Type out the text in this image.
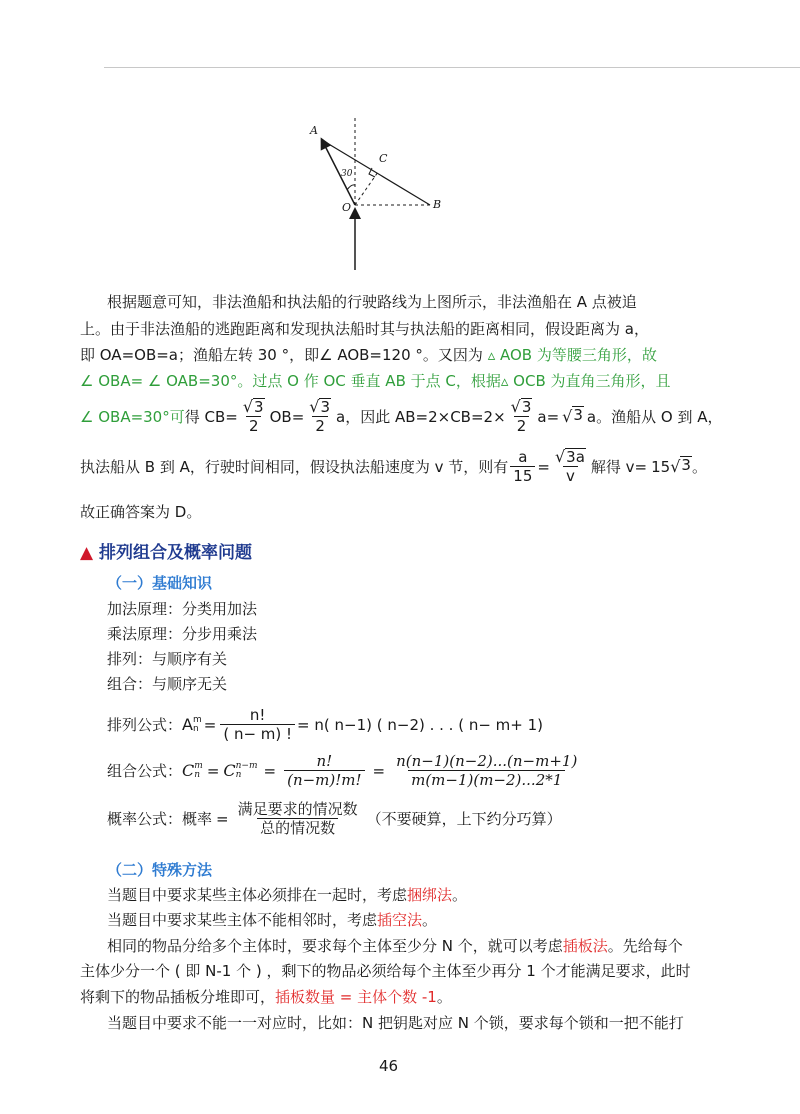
A
C
O	B
30
根据题意可知，非法渔船和执法船的行驶路线为上图所示，非法渔船在 A 点被追
上。由于非法渔船的逃跑距离和发现执法船时其与执法船的距离相同，假设距离为 a，
即 OA=OB=a；渔船左转 30 °，即∠ AOB=120 °。又因为 ▵ AOB 为等腰三角形，故
∠ OBA= ∠ OAB=30°。过点 O 作 OC 垂直 AB 于点 C，根据▵ OCB 为直角三角形，且
∠ OBA=30°可 得 $CB= \frac{√ 3}{2} OB= \frac{√ 3}{2}$ a，因此 $AB=2\times CB=2\times \frac{√ 3}{2} a=$ √ 3 a。渔船从 O 到 A，
执法船从 B 到 A，行驶时间相同，假设执法船速度为 v 节，则有 $\frac{a}{15} = \frac{√ 3a}{v}$ 解得 v= 15 √ 3 。
故正确答案为 D。
▲ 排列组合及概率问题
（一）基础知识
加法原理：分类用加法
乘法原理：分步用乘法
排列：与顺序有关
组合：与顺序无关
排列公式： A m
$n = \frac{n!}{( n- m) !} = n$( n−1) ( n−2) . . . ( n− m+ 1)
组合公式： C m
n = C n−m
n	= $\frac{n!}{(n-m)!m!} = \frac{n(n-1)(n-2)...(n-m+1)}{m(m-1)(m-2)...2*1}$
概率公式：概率 = $\frac{\text{满足要求的情况数}}{\text{总的情况数}}$ （不要硬算，上下约分巧算）
（二）特殊方法
当题目中要求某些主体必须排在一起时，考虑捆绑法。
当题目中要求某些主体不能相邻时，考虑插空法。
相同的物品分给多个主体时，要求每个主体至少分 N 个，就可以考虑插板法。先给每个
主体少分一个 ( 即 N-1 个 ) ，剩下的物品必须给每个主体至少再分 1 个才能满足要求，此时
将剩下的物品插板分堆即可，插板数量 = 主体个数 -1。
当题目中要求不能一一对应时，比如：N 把钥匙对应 N 个锁，要求每个锁和一把不能打
46
